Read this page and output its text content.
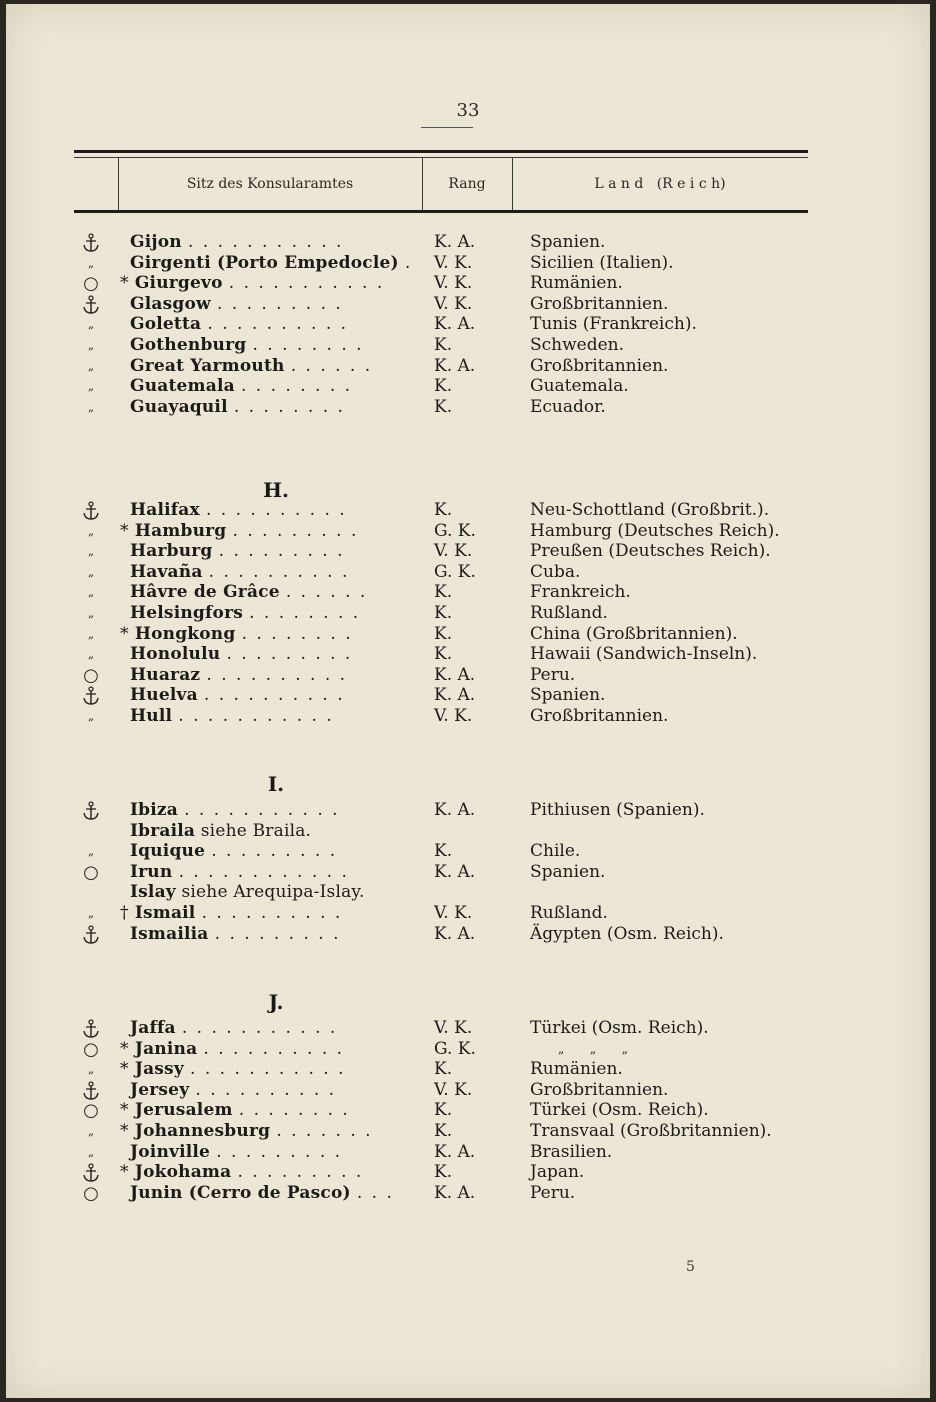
33
Sitz des Konsularamtes	Rang	L a n d   (R e i c h)
Gijon . . . . . . . . . . .	K. A.	Spanien.
„	Girgenti (Porto Empedocle) . V. K.	Sicilien (Italien).
○	* Giurgevo . . . . . . . . . . .	V. K.	Rumänien.
Glasgow . . . . . . . . .	V. K.	Großbritannien.
„	Goletta . . . . . . . . . .	K. A.	Tunis (Frankreich).
„	Gothenburg . . . . . . . .	K.	Schweden.
„	Great Yarmouth . . . . . .	K. A.	Großbritannien.
„	Guatemala . . . . . . . .	K.	Guatemala.
„	Guayaquil . . . . . . . .	K.	Ecuador.
H.
Halifax . . . . . . . . . .	K.	Neu-Schottland (Großbrit.).
„	* Hamburg . . . . . . . . .	G. K.	Hamburg (Deutsches Reich).
„	Harburg . . . . . . . . .	V. K.	Preußen (Deutsches Reich).
„	Havaña . . . . . . . . . .	G. K.	Cuba.
„	Hâvre de Grâce . . . . . .	K.	Frankreich.
„	Helsingfors . . . . . . . .	K.	Rußland.
„	* Hongkong . . . . . . . .	K.	China (Großbritannien).
„	Honolulu . . . . . . . . .	K.	Hawaii (Sandwich-Inseln).
○	Huaraz . . . . . . . . . .	K. A.	Peru.
Huelva . . . . . . . . . .	K. A.	Spanien.
„	Hull . . . . . . . . . . .	V. K.	Großbritannien.
I.
Ibiza . . . . . . . . . . .	K. A.	Pithiusen (Spanien).
Ibraila siehe Braila.
„	Iquique . . . . . . . . .	K.	Chile.
○	Irun . . . . . . . . . . . .	K. A.	Spanien.
Islay siehe Arequipa-Islay.
„	† Ismail . . . . . . . . . .	V. K.	Rußland.
Ismailia . . . . . . . . .	K. A.	Ägypten (Osm. Reich).
J.
Jaffa . . . . . . . . . . .	V. K.	Türkei (Osm. Reich).
○	* Janina . . . . . . . . . .	G. K.	„  „  „
„	* Jassy . . . . . . . . . . .	K.	Rumänien.
Jersey . . . . . . . . . .	V. K.	Großbritannien.
○	* Jerusalem . . . . . . . .	K.	Türkei (Osm. Reich).
„	* Johannesburg . . . . . . .	K.	Transvaal (Großbritannien).
„	Joinville . . . . . . . . .	K. A.	Brasilien.
* Jokohama . . . . . . . . .	K.	Japan.
○	Junin (Cerro de Pasco) . . . K. A.	Peru.
5
